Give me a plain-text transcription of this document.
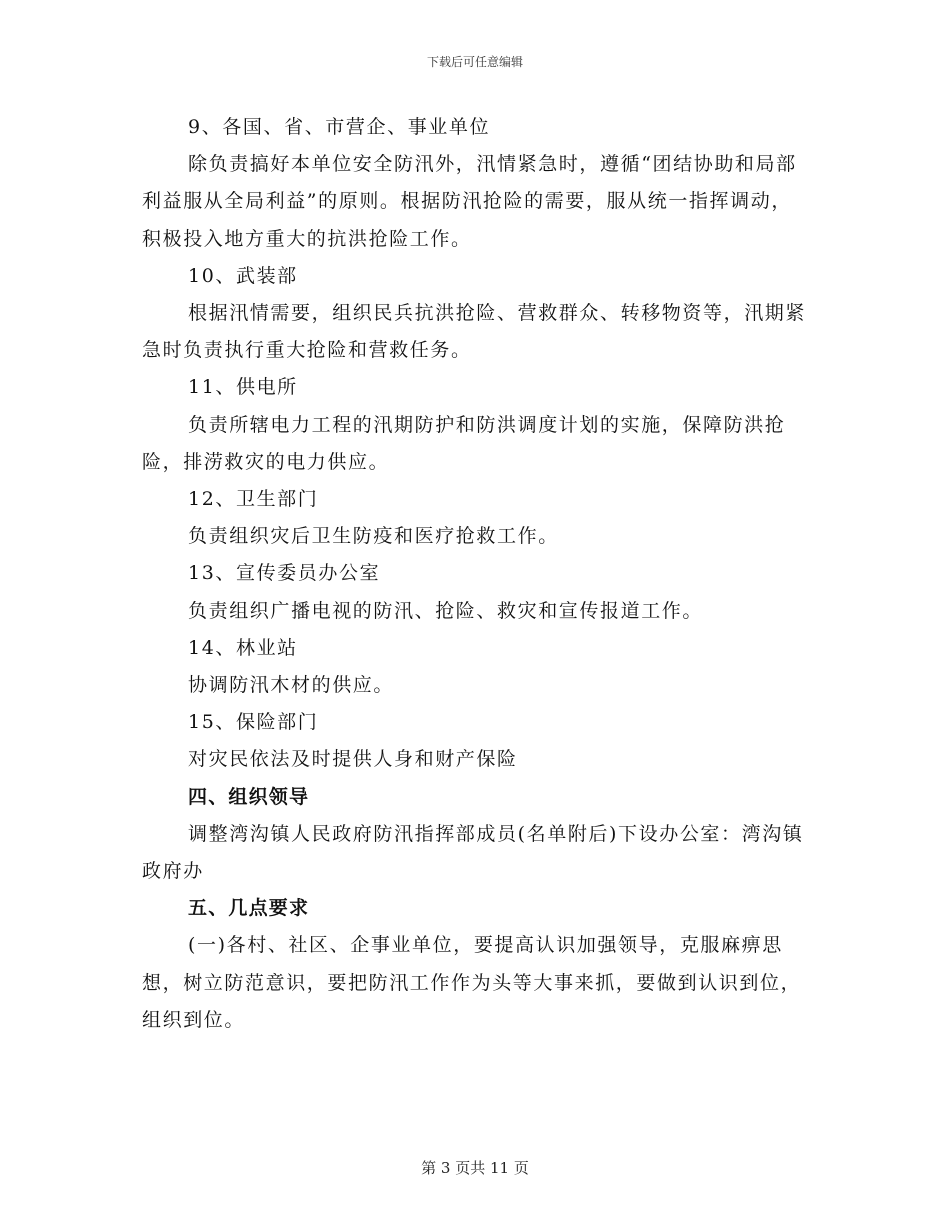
下载后可任意编辑

9、各国、省、市营企、事业单位

除负责搞好本单位安全防汛外，汛情紧急时，遵循“团结协助和局部利益服从全局利益”的原则。根据防汛抢险的需要，服从统一指挥调动，积极投入地方重大的抗洪抢险工作。

10、武装部

根据汛情需要，组织民兵抗洪抢险、营救群众、转移物资等，汛期紧急时负责执行重大抢险和营救任务。

11、供电所

负责所辖电力工程的汛期防护和防洪调度计划的实施，保障防洪抢险，排涝救灾的电力供应。

12、卫生部门

负责组织灾后卫生防疫和医疗抢救工作。

13、宣传委员办公室

负责组织广播电视的防汛、抢险、救灾和宣传报道工作。

14、林业站

协调防汛木材的供应。

15、保险部门

对灾民依法及时提供人身和财产保险

四、组织领导

调整湾沟镇人民政府防汛指挥部成员(名单附后)下设办公室：湾沟镇政府办

五、几点要求

(一)各村、社区、企事业单位，要提高认识加强领导，克服麻痹思想，树立防范意识，要把防汛工作作为头等大事来抓，要做到认识到位，组织到位。

第 3 页共 11 页
